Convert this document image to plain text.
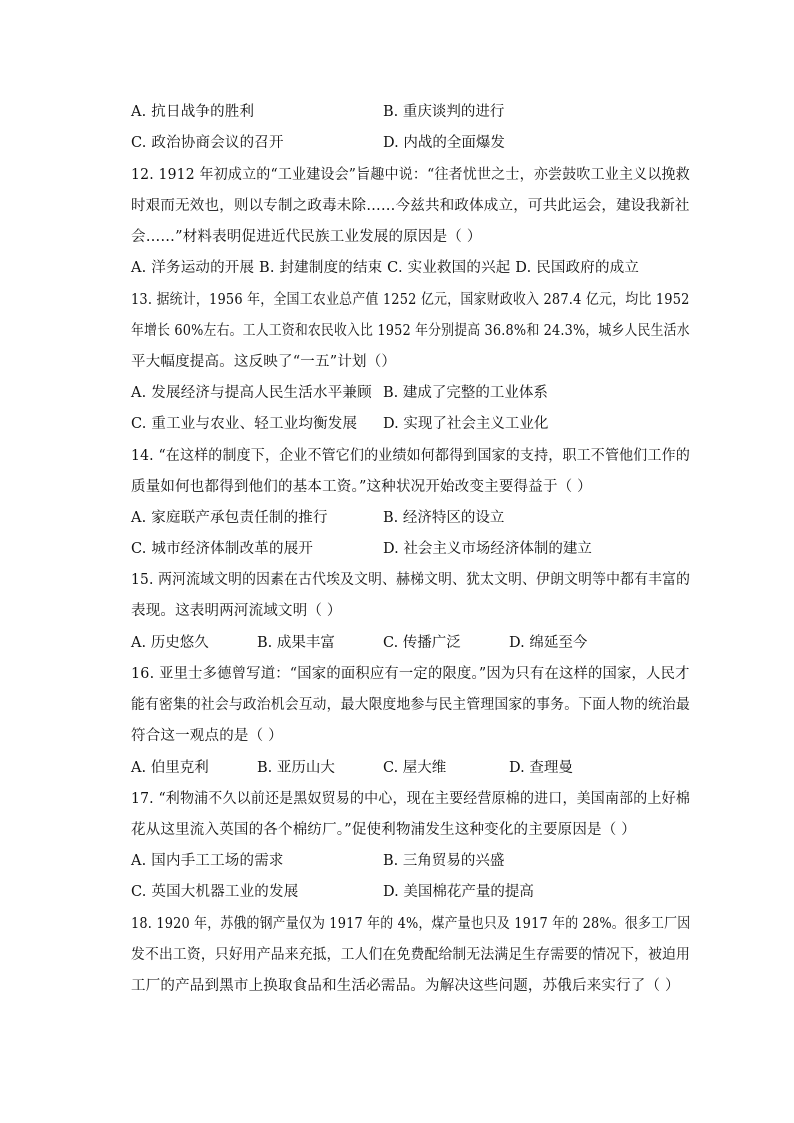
A. 抗日战争的胜利	B. 重庆谈判的进行
C. 政治协商会议的召开	D. 内战的全面爆发
12. 1912 年初成立的“工业建设会”旨趣中说：“往者忧世之士，亦尝鼓吹工业主义以挽救
时艰而无效也，则以专制之政毒未除……今兹共和政体成立，可共此运会，建设我新社
会……”材料表明促进近代民族工业发展的原因是（ ）
A. 洋务运动的开展 B. 封建制度的结束 C. 实业救国的兴起 D. 民国政府的成立
13. 据统计，1956 年，全国工农业总产值 1252 亿元，国家财政收入 287.4 亿元，均比 1952
年增长 60%左右。工人工资和农民收入比 1952 年分别提高 36.8%和 24.3%，城乡人民生活水
平大幅度提高。这反映了“一五”计划（）
A. 发展经济与提高人民生活水平兼顾 B. 建成了完整的工业体系
C. 重工业与农业、轻工业均衡发展 D. 实现了社会主义工业化
14. “在这样的制度下，企业不管它们的业绩如何都得到国家的支持，职工不管他们工作的
质量如何也都得到他们的基本工资。”这种状况开始改变主要得益于（ ）
A. 家庭联产承包责任制的推行	B. 经济特区的设立
C. 城市经济体制改革的展开	D. 社会主义市场经济体制的建立
15. 两河流域文明的因素在古代埃及文明、赫梯文明、犹太文明、伊朗文明等中都有丰富的
表现。这表明两河流域文明（ ）
A. 历史悠久	B. 成果丰富	C. 传播广泛	D. 绵延至今
16. 亚里士多德曾写道：“国家的面积应有一定的限度。”因为只有在这样的国家，人民才
能有密集的社会与政治机会互动，最大限度地参与民主管理国家的事务。下面人物的统治最
符合这一观点的是（ ）
A. 伯里克利	B. 亚历山大	C. 屋大维	D. 查理曼
17. “利物浦不久以前还是黑奴贸易的中心，现在主要经营原棉的进口，美国南部的上好棉
花从这里流入英国的各个棉纺厂。”促使利物浦发生这种变化的主要原因是（ ）
A. 国内手工工场的需求	B. 三角贸易的兴盛
C. 英国大机器工业的发展	D. 美国棉花产量的提高
18. 1920 年，苏俄的钢产量仅为 1917 年的 4%，煤产量也只及 1917 年的 28%。很多工厂因
发不出工资，只好用产品来充抵，工人们在免费配给制无法满足生存需要的情况下，被迫用
工厂的产品到黑市上换取食品和生活必需品。为解决这些问题，苏俄后来实行了（ ）
